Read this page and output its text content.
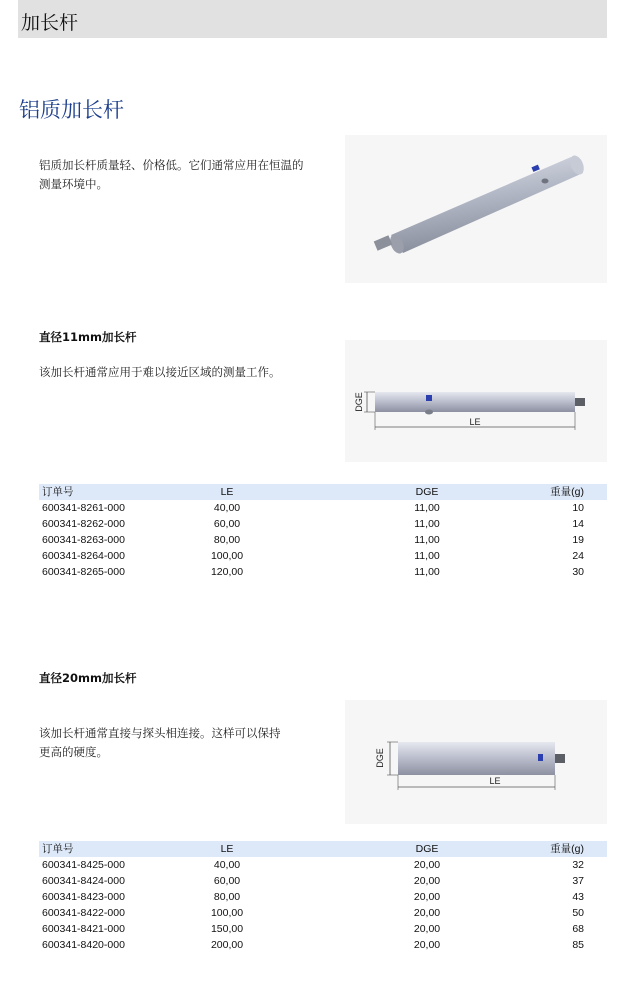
加长杆
铝质加长杆
铝质加长杆质量轻、价格低。它们通常应用在恒温的
测量环境中。
直径11mm加长杆
该加长杆通常应用于难以接近区域的测量工作。
DGE
LE
订单号	LE	DGE	重量(g)
600341-8261-000	40,00	11,00	10
600341-8262-000	60,00	11,00	14
600341-8263-000	80,00	11,00	19
600341-8264-000	100,00	11,00	24
600341-8265-000	120,00	11,00	30
直径20mm加长杆
该加长杆通常直接与探头相连接。这样可以保持
更高的硬度。	DGE
LE
订单号	LE	DGE	重量(g)
600341-8425-000	40,00	20,00	32
600341-8424-000	60,00	20,00	37
600341-8423-000	80,00	20,00	43
600341-8422-000	100,00	20,00	50
600341-8421-000	150,00	20,00	68
600341-8420-000	200,00	20,00	85
